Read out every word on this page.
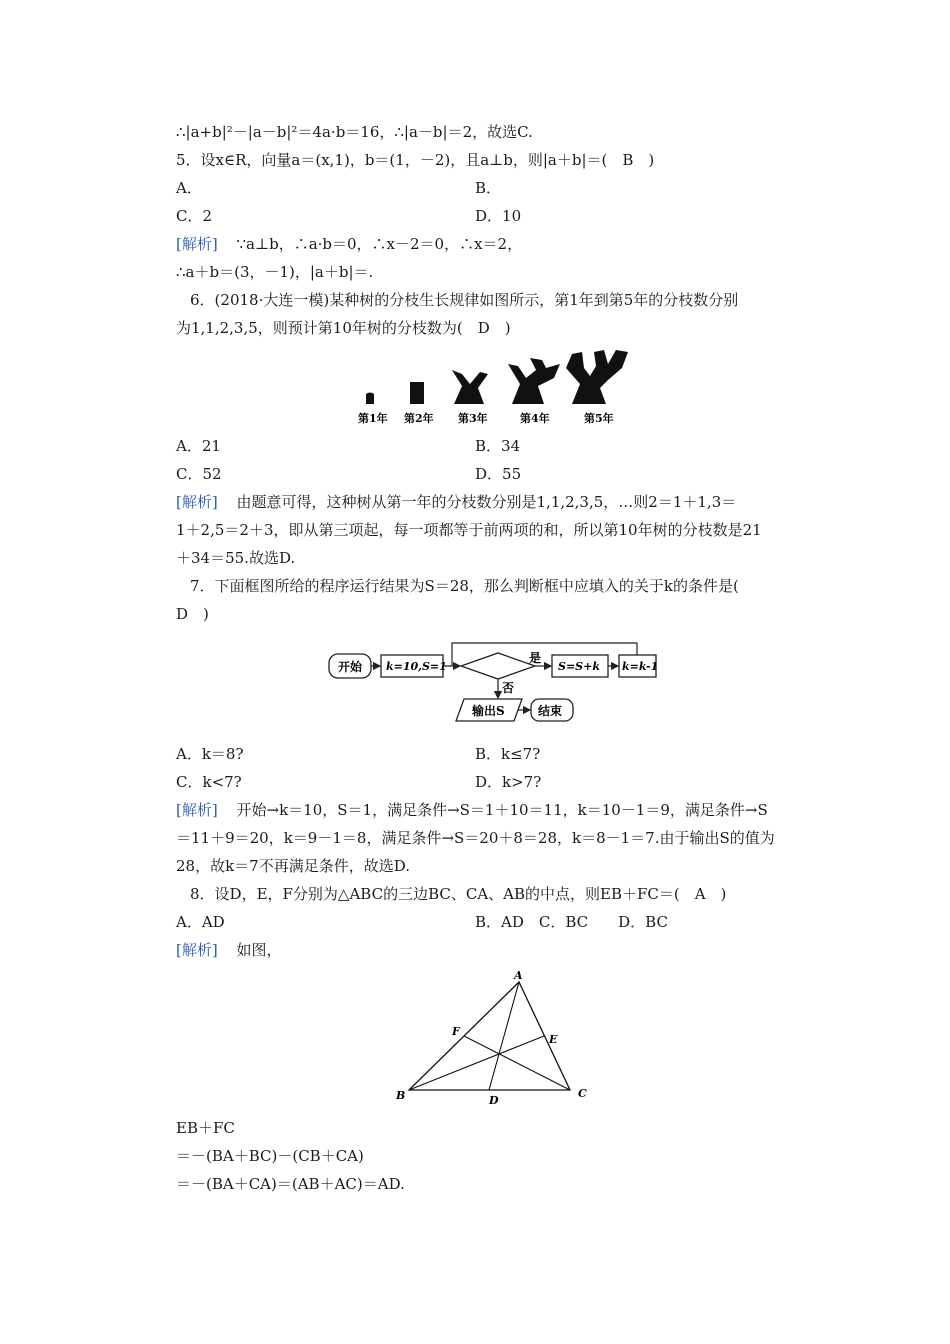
∴|a+b|²－|a－b|²＝4a·b＝16，∴|a－b|＝2，故选C.
5．设x∈R，向量a＝(x,1)，b＝(1，－2)，且a⊥b，则|a＋b|＝(　B　)
A．	B．
C．2	D．10
[解析] ∵a⊥b，∴a·b＝0，∴x－2＝0，∴x＝2，
∴a＋b＝(3，－1)，|a＋b|＝.
6．(2018·大连一模)某种树的分枝生长规律如图所示，第1年到第5年的分枝数分别
为1,1,2,3,5，则预计第10年树的分枝数为(　D　)
第1年 第2年 第3年	第4年	第5年
A．21	B．34
C．52	D．55
[解析] 由题意可得，这种树从第一年的分枝数分别是1,1,2,3,5，…则2＝1＋1,3＝
1＋2,5＝2＋3，即从第三项起，每一项都等于前两项的和，所以第10年树的分枝数是21
＋34＝55.故选D.
7．下面框图所给的程序运行结果为S＝28，那么判断框中应填入的关于k的条件是(
D　)
开始 k=10,S=1
是
S=S+k k=k-1
否
输出S	结束
A．k＝8?	B．k≤7?
C．k<7?	D．k>7?
[解析] 开始→k＝10，S＝1，满足条件→S＝1＋10＝11，k＝10－1＝9，满足条件→S
＝11＋9＝20，k＝9－1＝8，满足条件→S＝20＋8＝28，k＝8－1＝7.由于输出S的值为
28，故k＝7不再满足条件，故选D.
8．设D，E，F分别为△ABC的三边BC、CA、AB的中点，则EB＋FC＝(　A　)
A．AD	B．AD　C．BC　　D．BC
[解析] 如图，
A
B	C
D
E
F
EB＋FC
＝－(BA＋BC)－(CB＋CA)
＝－(BA＋CA)＝(AB＋AC)＝AD.
